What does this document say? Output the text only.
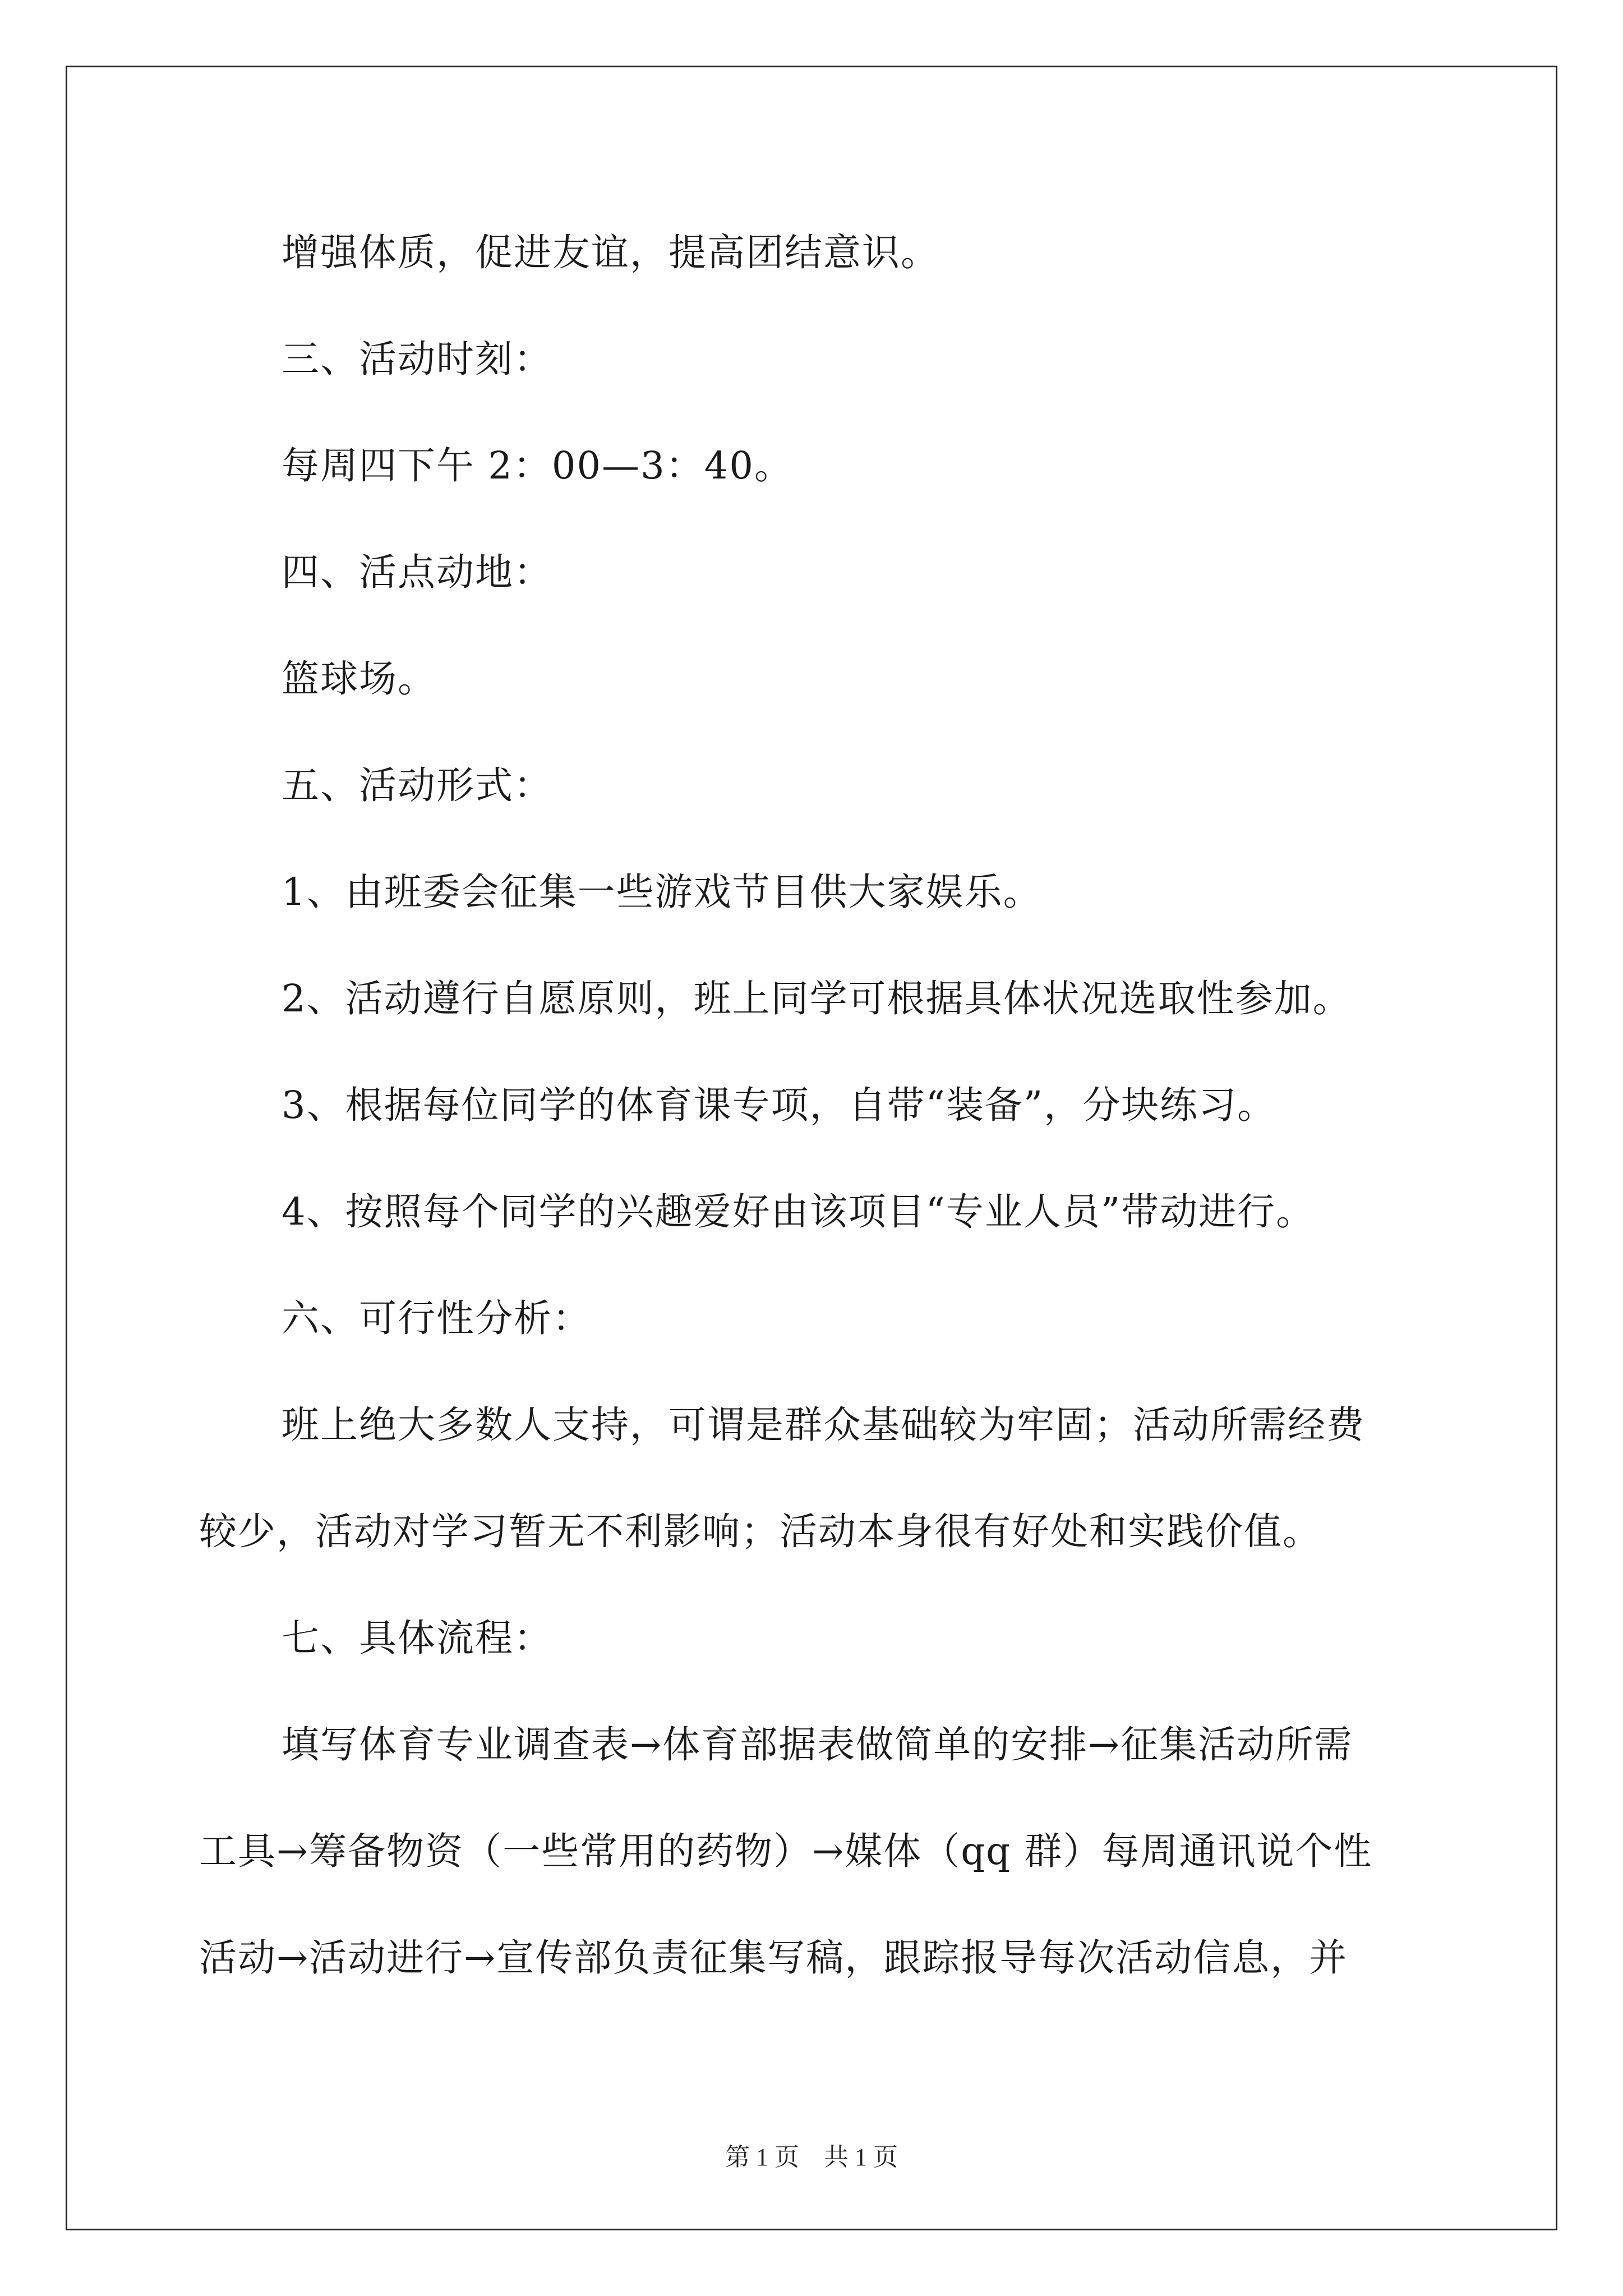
增强体质，促进友谊，提高团结意识。
三、活动时刻：
每周四下午 2：00—3：40。
四、活点动地：
篮球场。
五、活动形式：
1、由班委会征集一些游戏节目供大家娱乐。
2、活动遵行自愿原则，班上同学可根据具体状况选取性参加。
3、根据每位同学的体育课专项，自带“装备”，分块练习。
4、按照每个同学的兴趣爱好由该项目“专业人员”带动进行。
六、可行性分析：
班上绝大多数人支持，可谓是群众基础较为牢固；活动所需经费
较少，活动对学习暂无不利影响；活动本身很有好处和实践价值。
七、具体流程：
填写体育专业调查表→体育部据表做简单的安排→征集活动所需
工具→筹备物资（一些常用的药物）→媒体（qq 群）每周通讯说个性
活动→活动进行→宣传部负责征集写稿，跟踪报导每次活动信息，并
第 1 页　共 1 页
